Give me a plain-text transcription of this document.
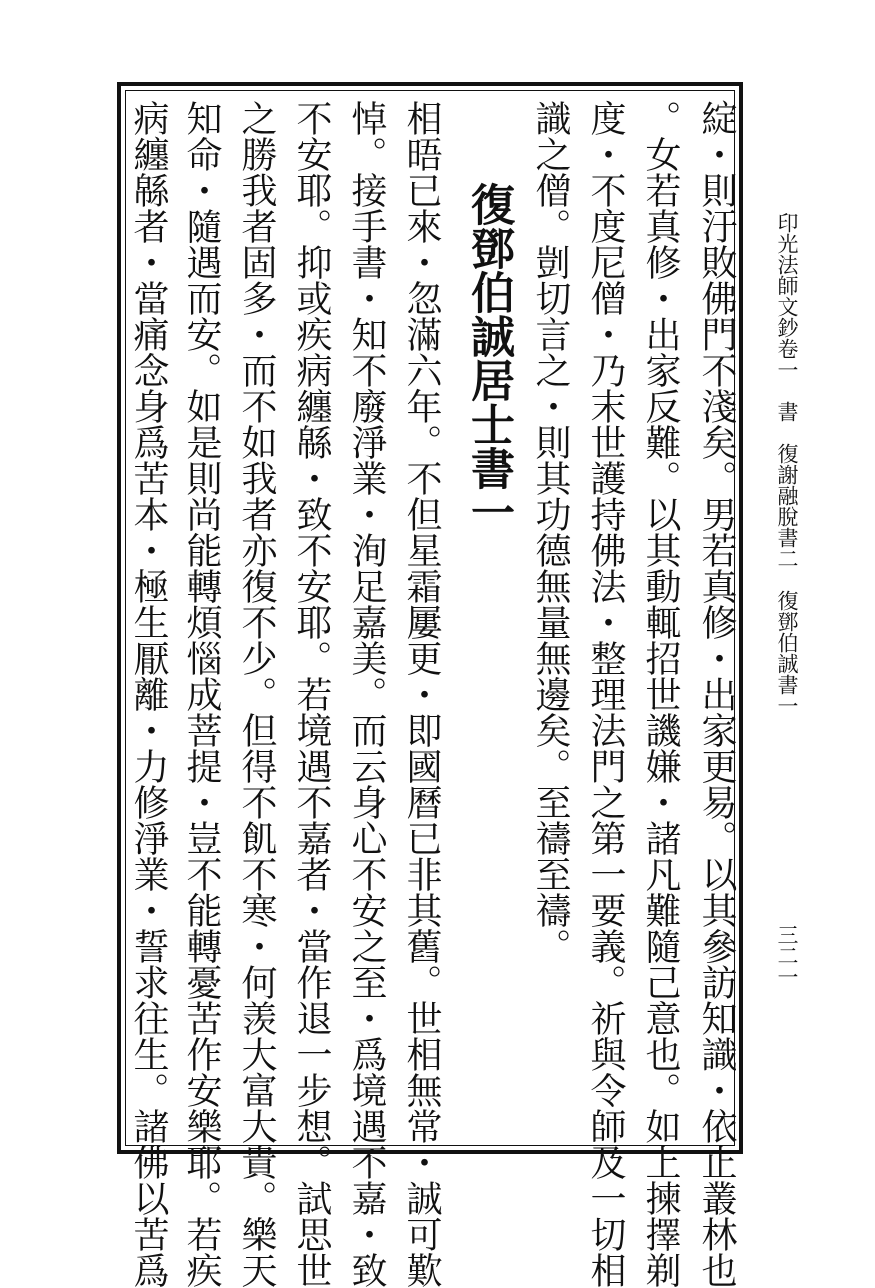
印光法師文鈔卷一　書　復謝融脫書二　復鄧伯誠書一
三二一
綻・則汙敗佛門不淺矣。男若真修・出家更易。以其參訪知識・依止叢林也
。女若真修・出家反難。以其動輒招世譏嫌・諸凡難隨己意也。如上揀擇剃
度・不度尼僧・乃末世護持佛法・整理法門之第一要義。祈與令師及一切相
識之僧。剴切言之・則其功德無量無邊矣。至禱至禱。
復鄧伯誠居士書一
相晤已來・忽滿六年。不但星霜屢更・即國曆已非其舊。世相無常・誠可歎
悼。接手書・知不廢淨業・洵足嘉美。而云身心不安之至・爲境遇不嘉・致
不安耶。抑或疾病纏緜・致不安耶。若境遇不嘉者・當作退一步想。試思世
之勝我者固多・而不如我者亦復不少。但得不飢不寒・何羡大富大貴。樂天
知命・隨遇而安。如是則尚能轉煩惱成菩提・豈不能轉憂苦作安樂耶。若疾
病纏緜者・當痛念身爲苦本・極生厭離・力修淨業・誓求往生。諸佛以苦爲
